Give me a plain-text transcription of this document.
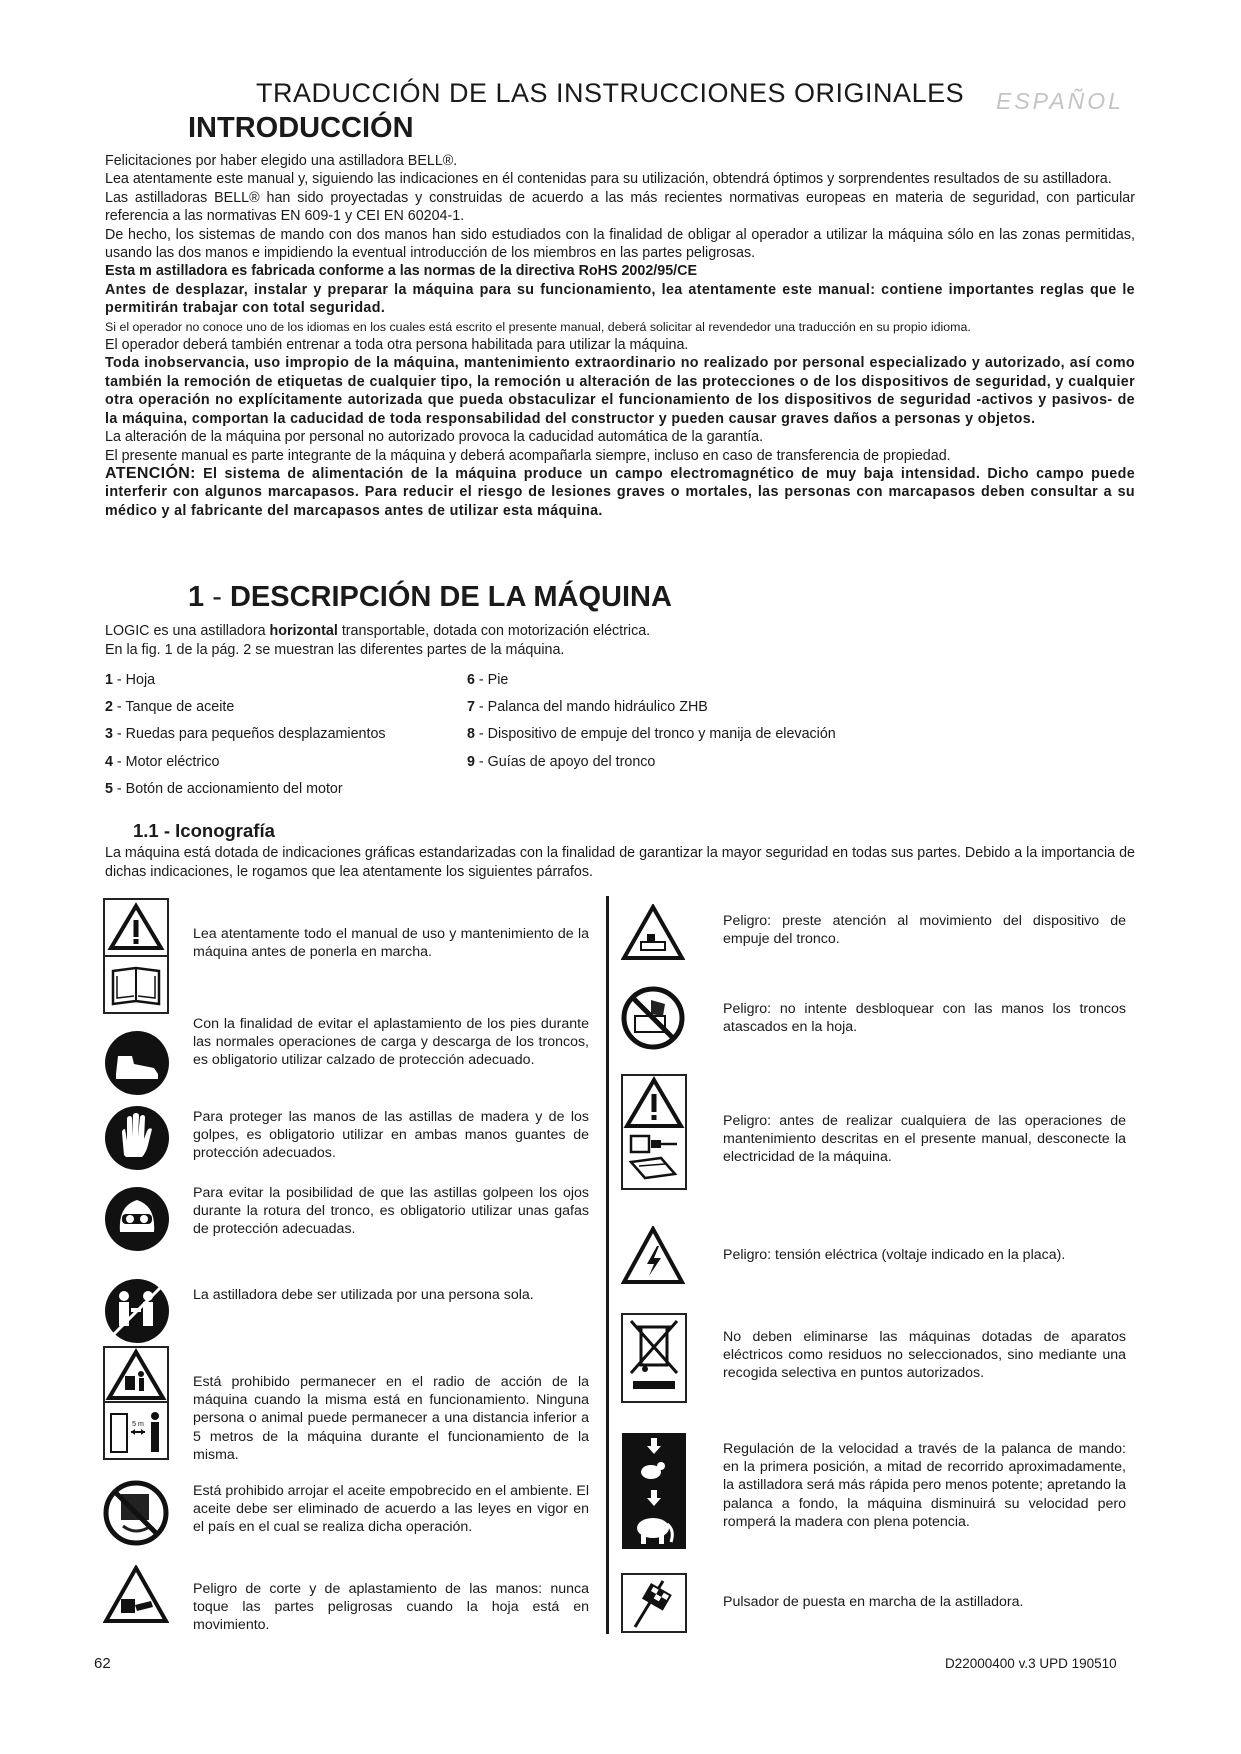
TRADUCCIÓN DE LAS INSTRUCCIONES ORIGINALES ESPAÑOL
INTRODUCCIÓN

Felicitaciones por haber elegido una astilladora BELL®.

Lea atentamente este manual y, siguiendo las indicaciones en él contenidas para su utilización, obtendrá óptimos y sorprendentes resultados de su astilladora.

Las astilladoras BELL® han sido proyectadas y construidas de acuerdo a las más recientes normativas europeas en materia de seguridad, con particular referencia a las normativas EN 609-1 y CEI EN 60204-1.

De hecho, los sistemas de mando con dos manos han sido estudiados con la finalidad de obligar al operador a utilizar la máquina sólo en las zonas permitidas, usando las dos manos e impidiendo la eventual introducción de los miembros en las partes peligrosas.

Esta m astilladora es fabricada conforme a las normas de la directiva RoHS 2002/95/CE

Antes de desplazar, instalar y preparar la máquina para su funcionamiento, lea atentamente este manual: contiene importantes reglas que le permitirán trabajar con total seguridad.

Si el operador no conoce uno de los idiomas en los cuales está escrito el presente manual, deberá solicitar al revendedor una traducción en su propio idioma.

El operador deberá también entrenar a toda otra persona habilitada para utilizar la máquina.

Toda inobservancia, uso impropio de la máquina, mantenimiento extraordinario no realizado por personal especializado y autorizado, así como también la remoción de etiquetas de cualquier tipo, la remoción u alteración de las protecciones o de los dispositivos de seguridad, y cualquier otra operación no explícitamente autorizada que pueda obstaculizar el funcionamiento de los dispositivos de seguridad -activos y pasivos- de la máquina, comportan la caducidad de toda responsabilidad del constructor y pueden causar graves daños a personas y objetos.

La alteración de la máquina por personal no autorizado provoca la caducidad automática de la garantía.

El presente manual es parte integrante de la máquina y deberá acompañarla siempre, incluso en caso de transferencia de propiedad.

ATENCIÓN: El sistema de alimentación de la máquina produce un campo electromagnético de muy baja intensidad. Dicho campo puede interferir con algunos marcapasos. Para reducir el riesgo de lesiones graves o mortales, las personas con marcapasos deben consultar a su médico y al fabricante del marcapasos antes de utilizar esta máquina.

1 - DESCRIPCIÓN DE LA MÁQUINA
LOGIC es una astilladora horizontal transportable, dotada con motorización eléctrica.
En la fig. 1 de la pág. 2 se muestran las diferentes partes de la máquina.
1 - Hoja	6 - Pie
2 - Tanque de aceite	7 - Palanca del mando hidráulico ZHB
3 - Ruedas para pequeños desplazamientos	8 - Dispositivo de empuje del tronco y manija de elevación
4 - Motor eléctrico	9 - Guías de apoyo del tronco
5 - Botón de accionamiento del motor
1.1 - Iconografía
La máquina está dotada de indicaciones gráficas estandarizadas con la finalidad de garantizar la mayor seguridad en todas sus partes. Debido a la importancia de dichas indicaciones, le rogamos que lea atentamente los siguientes párrafos.
Lea atentamente todo el manual de uso y mantenimiento de la máquina antes de ponerla en marcha.
Con la finalidad de evitar el aplastamiento de los pies durante las normales operaciones de carga y descarga de los troncos, es obligatorio utilizar calzado de protección adecuado.
Para proteger las manos de las astillas de madera y de los golpes, es obligatorio utilizar en ambas manos guantes de protección adecuados.
Para evitar la posibilidad de que las astillas golpeen los ojos durante la rotura del tronco, es obligatorio utilizar unas gafas de protección adecuadas.
La astilladora debe ser utilizada por una persona sola.
5 m
Está prohibido permanecer en el radio de acción de la máquina cuando la misma está en funcionamiento. Ninguna persona o animal puede permanecer a una distancia inferior a 5 metros de la máquina durante el funcionamiento de la misma.
Está prohibido arrojar el aceite empobrecido en el ambiente. El aceite debe ser eliminado de acuerdo a las leyes en vigor en el país en el cual se realiza dicha operación.
Peligro de corte y de aplastamiento de las manos: nunca toque las partes peligrosas cuando la hoja está en movimiento.
Peligro: preste atención al movimiento del dispositivo de empuje del tronco.
Peligro: no intente desbloquear con las manos los troncos atascados en la hoja.
Peligro: antes de realizar cualquiera de las operaciones de mantenimiento descritas en el presente manual, desconecte la electricidad de la máquina.
Peligro: tensión eléctrica (voltaje indicado en la placa).
No deben eliminarse las máquinas dotadas de aparatos eléctricos como residuos no seleccionados, sino mediante una recogida selectiva en puntos autorizados.
Regulación de la velocidad a través de la palanca de mando: en la primera posición, a mitad de recorrido aproximadamente, la astilladora será más rápida pero menos potente; apretando la palanca a fondo, la máquina disminuirá su velocidad pero romperá la madera con plena potencia.
Pulsador de puesta en marcha de la astilladora.
62	D22000400 v.3 UPD 190510
